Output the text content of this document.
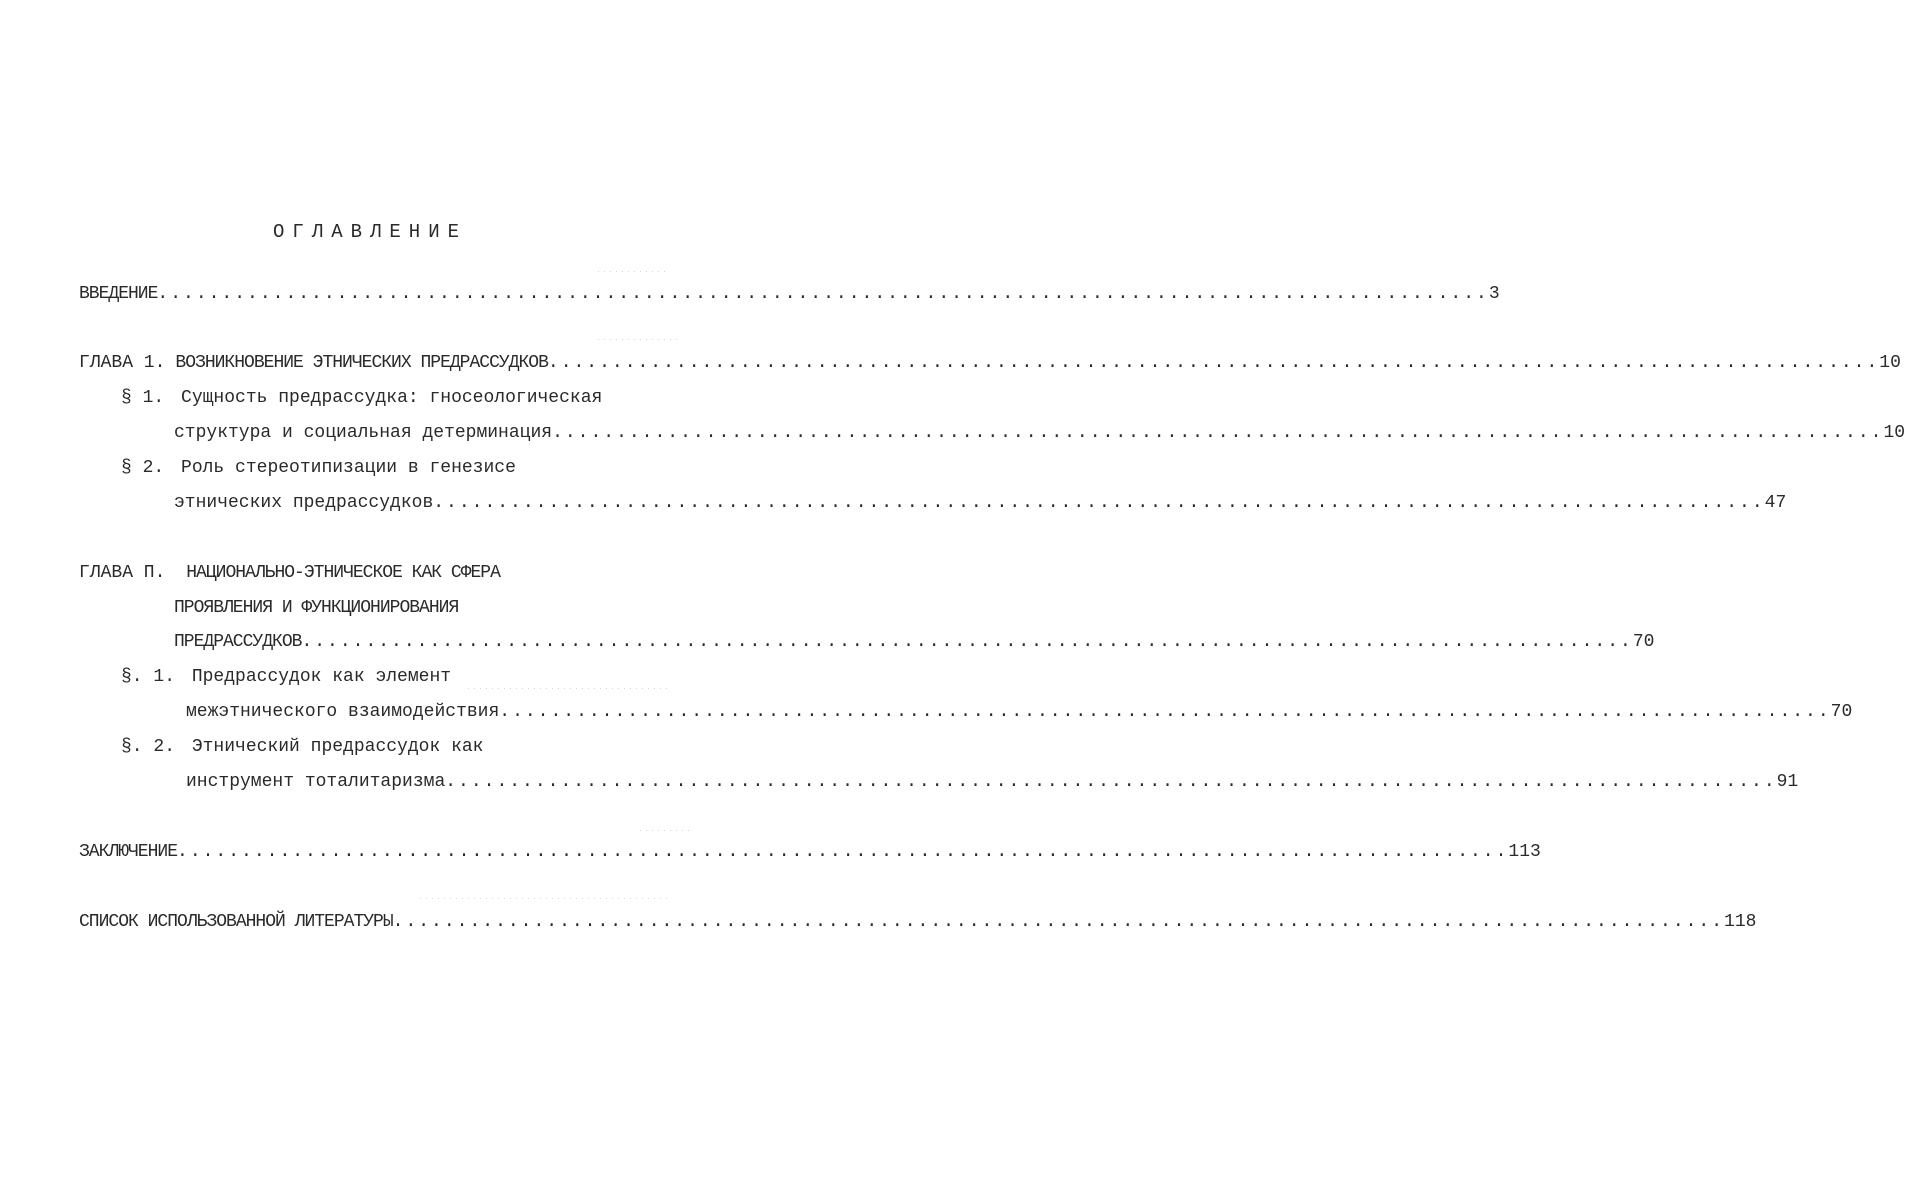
ОГЛАВЛЕНИЕ
ВВЕДЕНИЕ ........................................................................................................ 3
ГЛАВА 1. ВОЗНИКНОВЕНИЕ ЭТНИЧЕСКИХ ПРЕДРАССУДКОВ ........................................................................................................ 10
§ 1. Сущность предрассудка: гносеологическая
структура и социальная детерминация ........................................................................................................ 10
§ 2. Роль стереотипизации в генезисе
этнических предрассудков ........................................................................................................ 47
ГЛАВА П. НАЦИОНАЛЬНО-ЭТНИЧЕСКОЕ КАК СФЕРА
ПРОЯВЛЕНИЯ И ФУНКЦИОНИРОВАНИЯ
ПРЕДРАССУДКОВ ........................................................................................................ 70
§. 1. Предрассудок как элемент
межэтнического взаимодействия ........................................................................................................ 70
§. 2. Этнический предрассудок как
инструмент тоталитаризма ........................................................................................................ 91
ЗАКЛЮЧЕНИЕ ........................................................................................................ 113
СПИСОК ИСПОЛЬЗОВАННОЙ ЛИТЕРАТУРЫ ........................................................................................................ 118
